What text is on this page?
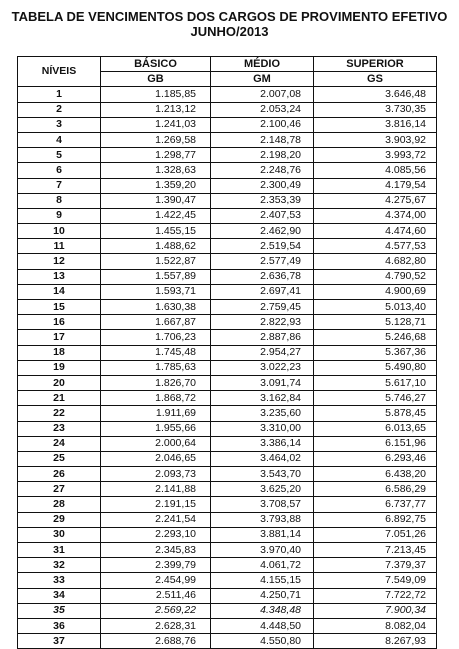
TABELA DE VENCIMENTOS DOS CARGOS DE PROVIMENTO EFETIVO
JUNHO/2013
NÍVEIS	BÁSICO	MÉDIO	SUPERIOR
	GB	GM	GS
1	1.185,85	2.007,08	3.646,48
2	1.213,12	2.053,24	3.730,35
3	1.241,03	2.100,46	3.816,14
4	1.269,58	2.148,78	3.903,92
5	1.298,77	2.198,20	3.993,72
6	1.328,63	2.248,76	4.085,56
7	1.359,20	2.300,49	4.179,54
8	1.390,47	2.353,39	4.275,67
9	1.422,45	2.407,53	4.374,00
10	1.455,15	2.462,90	4.474,60
11	1.488,62	2.519,54	4.577,53
12	1.522,87	2.577,49	4.682,80
13	1.557,89	2.636,78	4.790,52
14	1.593,71	2.697,41	4.900,69
15	1.630,38	2.759,45	5.013,40
16	1.667,87	2.822,93	5.128,71
17	1.706,23	2.887,86	5.246,68
18	1.745,48	2.954,27	5.367,36
19	1.785,63	3.022,23	5.490,80
20	1.826,70	3.091,74	5.617,10
21	1.868,72	3.162,84	5.746,27
22	1.911,69	3.235,60	5.878,45
23	1.955,66	3.310,00	6.013,65
24	2.000,64	3.386,14	6.151,96
25	2.046,65	3.464,02	6.293,46
26	2.093,73	3.543,70	6.438,20
27	2.141,88	3.625,20	6.586,29
28	2.191,15	3.708,57	6.737,77
29	2.241,54	3.793,88	6.892,75
30	2.293,10	3.881,14	7.051,26
31	2.345,83	3.970,40	7.213,45
32	2.399,79	4.061,72	7.379,37
33	2.454,99	4.155,15	7.549,09
34	2.511,46	4.250,71	7.722,72
35	2.569,22	4.348,48	7.900,34
36	2.628,31	4.448,50	8.082,04
37	2.688,76	4.550,80	8.267,93
